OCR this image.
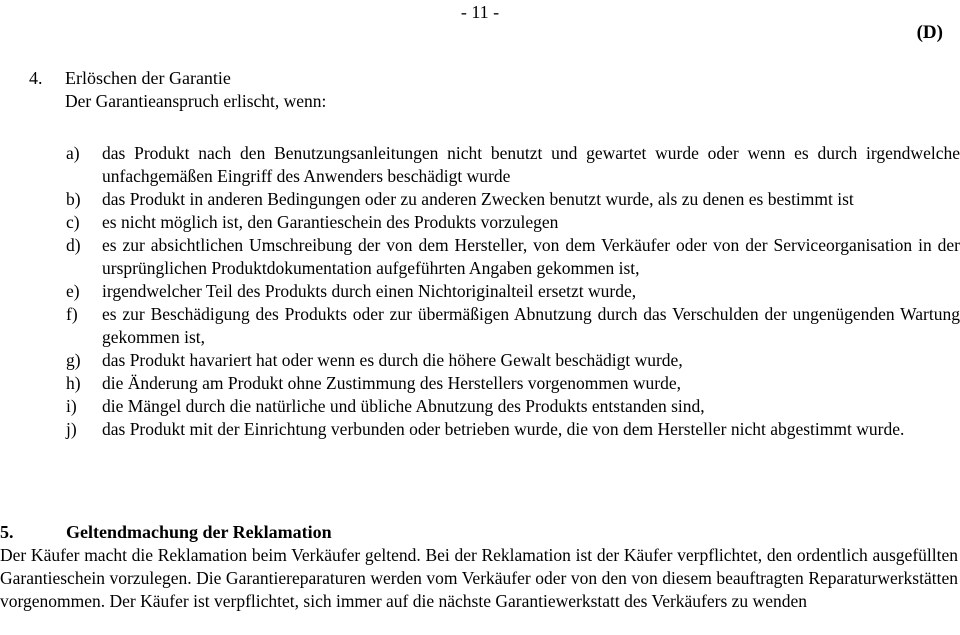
- 11 -
(D)
4.	Erlöschen der Garantie
Der Garantieanspruch erlischt, wenn:
a)	das Produkt nach den Benutzungsanleitungen nicht benutzt und gewartet wurde oder wenn es durch irgendwelche unfachgemäßen Eingriff des Anwenders beschädigt wurde
b)	das Produkt in anderen Bedingungen oder zu anderen Zwecken benutzt wurde, als zu denen es bestimmt ist
c)	es nicht möglich ist, den Garantieschein des Produkts vorzulegen
d)	es zur absichtlichen Umschreibung der von dem Hersteller, von dem Verkäufer oder von der Serviceorganisation in der ursprünglichen Produktdokumentation aufgeführten Angaben gekommen ist,
e)	irgendwelcher Teil des Produkts durch einen Nichtoriginalteil ersetzt wurde,
f)	es zur Beschädigung des Produkts oder zur übermäßigen Abnutzung durch das Verschulden der ungenügenden Wartung gekommen ist,
g)	das Produkt havariert hat oder wenn es durch die höhere Gewalt beschädigt wurde,
h)	die Änderung am Produkt ohne Zustimmung des Herstellers vorgenommen wurde,
i)	die Mängel durch die natürliche und übliche Abnutzung des Produkts entstanden sind,
j)	das Produkt mit der Einrichtung verbunden oder betrieben wurde, die von dem Hersteller nicht abgestimmt wurde.
5.	Geltendmachung der Reklamation

Der Käufer macht die Reklamation beim Verkäufer geltend. Bei der Reklamation ist der Käufer verpflichtet, den ordentlich ausgefüllten Garantieschein vorzulegen. Die Garantiereparaturen werden vom Verkäufer oder von den von diesem beauftragten Reparaturwerkstätten vorgenommen. Der Käufer ist verpflichtet, sich immer auf die nächste Garantiewerkstatt des Verkäufers zu wenden
